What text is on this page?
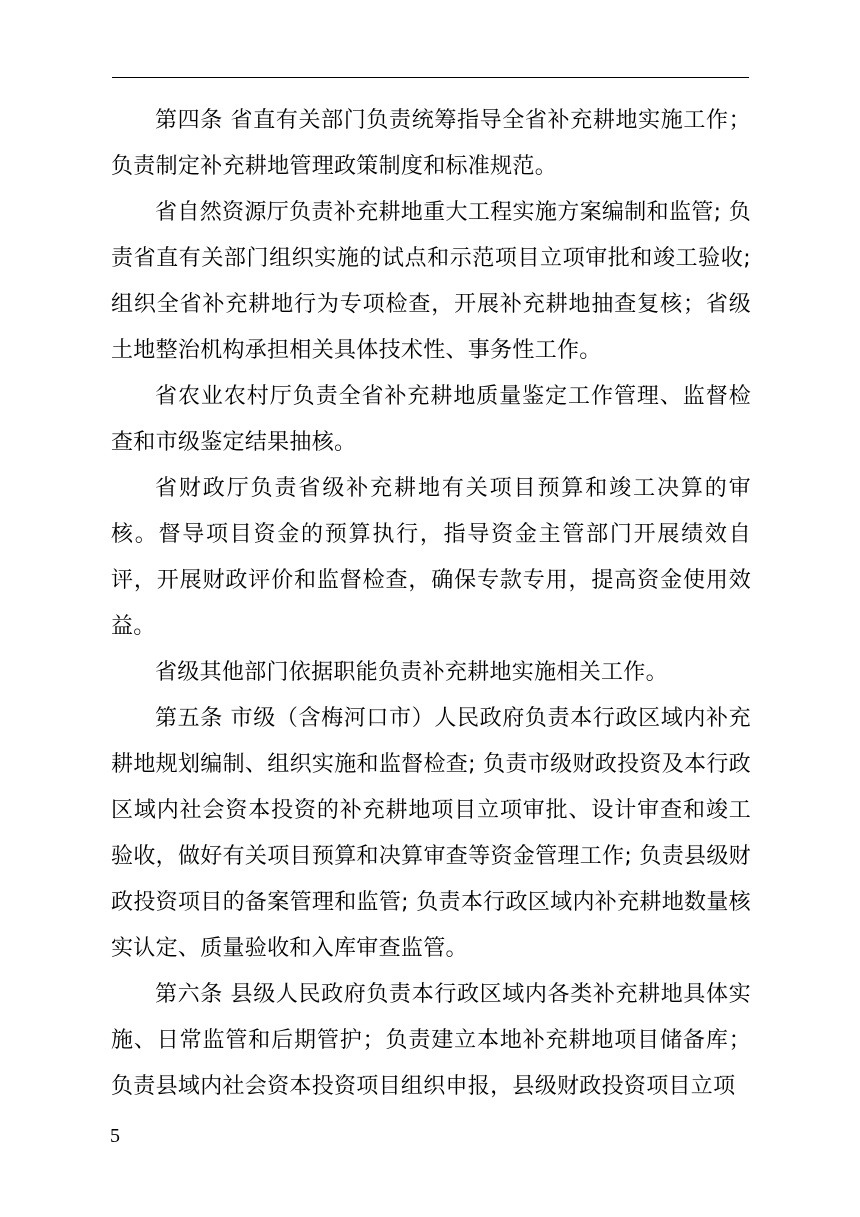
第四条 省直有关部门负责统筹指导全省补充耕地实施工作；负责制定补充耕地管理政策制度和标准规范。

省自然资源厅负责补充耕地重大工程实施方案编制和监管; 负责省直有关部门组织实施的试点和示范项目立项审批和竣工验收; 组织全省补充耕地行为专项检查，开展补充耕地抽查复核；省级土地整治机构承担相关具体技术性、事务性工作。

省农业农村厅负责全省补充耕地质量鉴定工作管理、监督检查和市级鉴定结果抽核。

省财政厅负责省级补充耕地有关项目预算和竣工决算的审核。督导项目资金的预算执行，指导资金主管部门开展绩效自评，开展财政评价和监督检查，确保专款专用，提高资金使用效益。

省级其他部门依据职能负责补充耕地实施相关工作。

第五条 市级（含梅河口市）人民政府负责本行政区域内补充耕地规划编制、组织实施和监督检查; 负责市级财政投资及本行政区域内社会资本投资的补充耕地项目立项审批、设计审查和竣工验收，做好有关项目预算和决算审查等资金管理工作; 负责县级财政投资项目的备案管理和监管; 负责本行政区域内补充耕地数量核实认定、质量验收和入库审查监管。

第六条 县级人民政府负责本行政区域内各类补充耕地具体实施、日常监管和后期管护；负责建立本地补充耕地项目储备库；负责县域内社会资本投资项目组织申报，县级财政投资项目立项

5
